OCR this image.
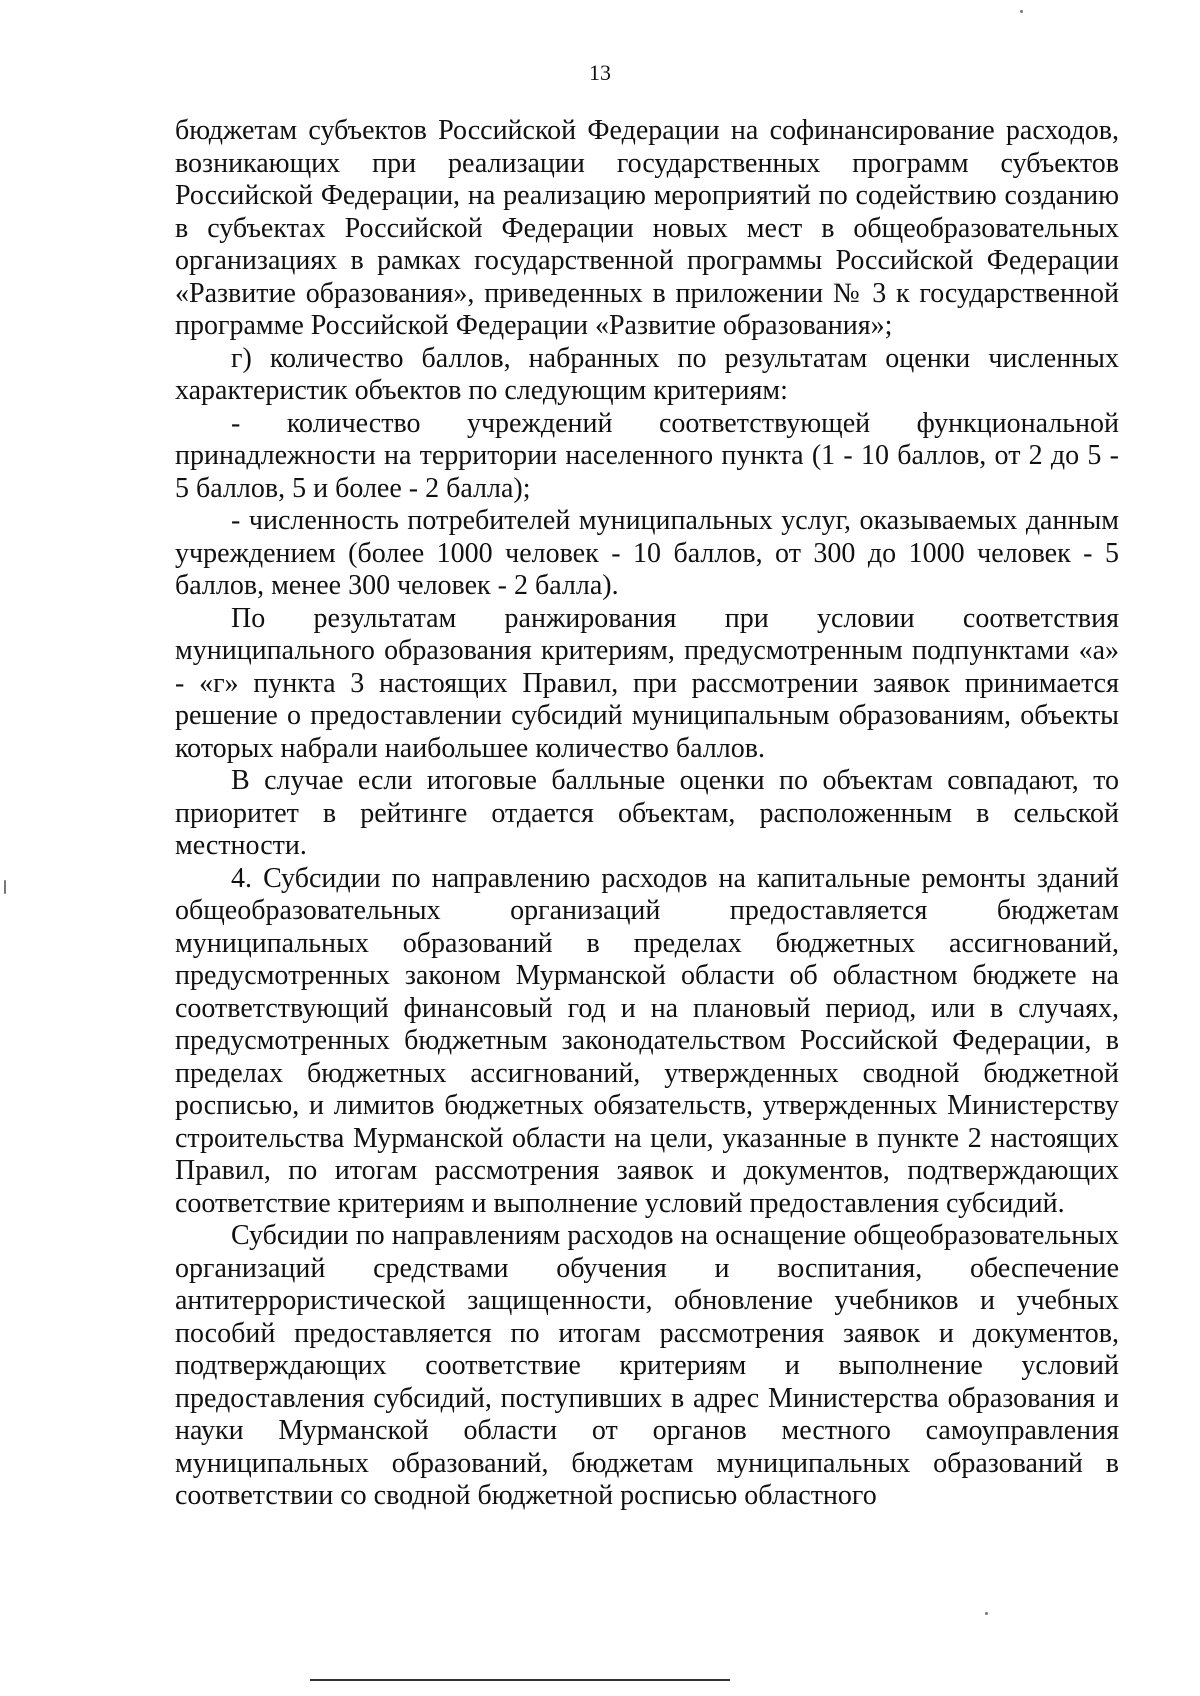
13

бюджетам субъектов Российской Федерации на софинансирование расходов, возникающих при реализации государственных программ субъектов Российской Федерации, на реализацию мероприятий по содействию созданию в субъектах Российской Федерации новых мест в общеобразовательных организациях в рамках государственной программы Российской Федерации «Развитие образования», приведенных в приложении № 3 к государственной программе Российской Федерации «Развитие образования»;

г) количество баллов, набранных по результатам оценки численных характеристик объектов по следующим критериям:

- количество учреждений соответствующей функциональной принадлежности на территории населенного пункта (1 - 10 баллов, от 2 до 5 - 5 баллов, 5 и более - 2 балла);

- численность потребителей муниципальных услуг, оказываемых данным учреждением (более 1000 человек - 10 баллов, от 300 до 1000 человек - 5 баллов, менее 300 человек - 2 балла).

По результатам ранжирования при условии соответствия муниципального образования критериям, предусмотренным подпунктами «а» - «г» пункта 3 настоящих Правил, при рассмотрении заявок принимается решение о предоставлении субсидий муниципальным образованиям, объекты которых набрали наибольшее количество баллов.

В случае если итоговые балльные оценки по объектам совпадают, то приоритет в рейтинге отдается объектам, расположенным в сельской местности.

4. Субсидии по направлению расходов на капитальные ремонты зданий общеобразовательных организаций предоставляется бюджетам муниципальных образований в пределах бюджетных ассигнований, предусмотренных законом Мурманской области об областном бюджете на соответствующий финансовый год и на плановый период, или в случаях, предусмотренных бюджетным законодательством Российской Федерации, в пределах бюджетных ассигнований, утвержденных сводной бюджетной росписью, и лимитов бюджетных обязательств, утвержденных Министерству строительства Мурманской области на цели, указанные в пункте 2 настоящих Правил, по итогам рассмотрения заявок и документов, подтверждающих соответствие критериям и выполнение условий предоставления субсидий.

Субсидии по направлениям расходов на оснащение общеобразовательных организаций средствами обучения и воспитания, обеспечение антитеррористической защищенности, обновление учебников и учебных пособий предоставляется по итогам рассмотрения заявок и документов, подтверждающих соответствие критериям и выполнение условий предоставления субсидий, поступивших в адрес Министерства образования и науки Мурманской области от органов местного самоуправления муниципальных образований, бюджетам муниципальных образований в соответствии со сводной бюджетной росписью областного
